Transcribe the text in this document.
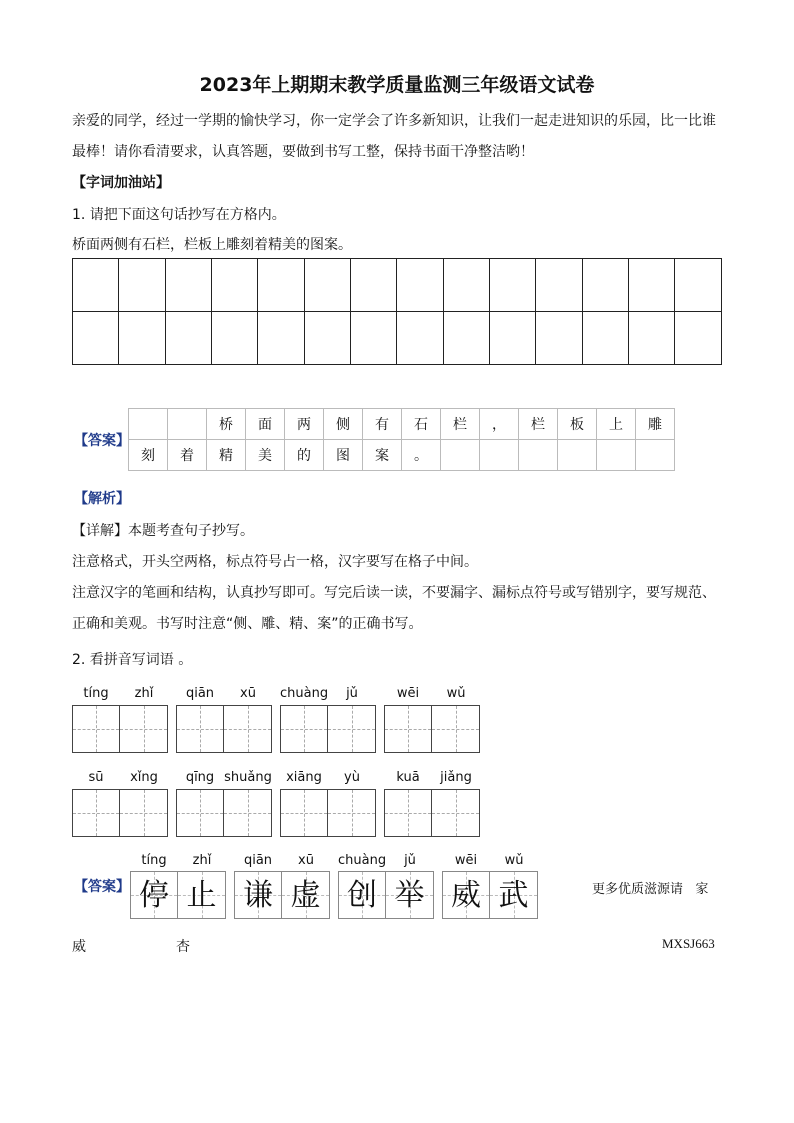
2023年上期期末教学质量监测三年级语文试卷
亲爱的同学，经过一学期的愉快学习，你一定学会了许多新知识，让我们一起走进知识的乐园，比一比谁
最棒！请你看清要求，认真答题，要做到书写工整，保持书面干净整洁哟！
【字词加油站】
1. 请把下面这句话抄写在方格内。
桥面两侧有石栏，栏板上雕刻着精美的图案。

【答案】
		桥	面	两	侧	有	石	栏	，	栏	板	上	雕
刻	着	精	美	的	图	案	。						
【解析】
【详解】本题考查句子抄写。
注意格式，开头空两格，标点符号占一格，汉字要写在格子中间。
注意汉字的笔画和结构，认真抄写即可。写完后读一读，不要漏字、漏标点符号或写错别字，要写规范、
正确和美观。书写时注意“侧、雕、精、案”的正确书写。
2. 看拼音写词语 。
tíng	zhǐ	qiān	xū	chuàng	jǔ	wēi	wǔ
sū	xǐng	qīng shuǎng	xiāng	yù	kuā	jiǎng
【答案】
tíng	zhǐ	qiān	xū	chuàng	jǔ	wēi	wǔ
停 止 谦 虚 创 举 威 武	更多优质滋源请   家
威	杏	MXSJ663
